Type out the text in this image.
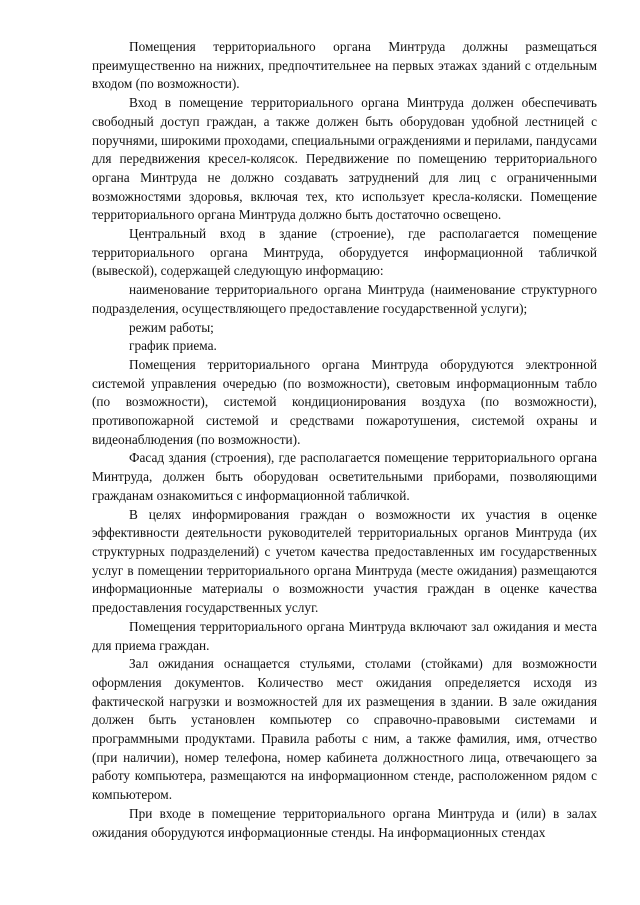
Помещения территориального органа Минтруда должны размещаться преимущественно на нижних, предпочтительнее на первых этажах зданий с отдельным входом (по возможности).

Вход в помещение территориального органа Минтруда должен обеспечивать свободный доступ граждан, а также должен быть оборудован удобной лестницей с поручнями, широкими проходами, специальными ограждениями и перилами, пандусами для передвижения кресел-колясок. Передвижение по помещению территориального органа Минтруда не должно создавать затруднений для лиц с ограниченными возможностями здоровья, включая тех, кто использует кресла-коляски. Помещение территориального органа Минтруда должно быть достаточно освещено.

Центральный вход в здание (строение), где располагается помещение территориального органа Минтруда, оборудуется информационной табличкой (вывеской), содержащей следующую информацию:

наименование территориального органа Минтруда (наименование структурного подразделения, осуществляющего предоставление государственной услуги);

режим работы;

график приема.

Помещения территориального органа Минтруда оборудуются электронной системой управления очередью (по возможности), световым информационным табло (по возможности), системой кондиционирования воздуха (по возможности), противопожарной системой и средствами пожаротушения, системой охраны и видеонаблюдения (по возможности).

Фасад здания (строения), где располагается помещение территориального органа Минтруда, должен быть оборудован осветительными приборами, позволяющими гражданам ознакомиться с информационной табличкой.

В целях информирования граждан о возможности их участия в оценке эффективности деятельности руководителей территориальных органов Минтруда (их структурных подразделений) с учетом качества предоставленных им государственных услуг в помещении территориального органа Минтруда (месте ожидания) размещаются информационные материалы о возможности участия граждан в оценке качества предоставления государственных услуг.

Помещения территориального органа Минтруда включают зал ожидания и места для приема граждан.

Зал ожидания оснащается стульями, столами (стойками) для возможности оформления документов. Количество мест ожидания определяется исходя из фактической нагрузки и возможностей для их размещения в здании. В зале ожидания должен быть установлен компьютер со справочно-правовыми системами и программными продуктами. Правила работы с ним, а также фамилия, имя, отчество (при наличии), номер телефона, номер кабинета должностного лица, отвечающего за работу компьютера, размещаются на информационном стенде, расположенном рядом с компьютером.

При входе в помещение территориального органа Минтруда и (или) в залах ожидания оборудуются информационные стенды. На информационных стендах
